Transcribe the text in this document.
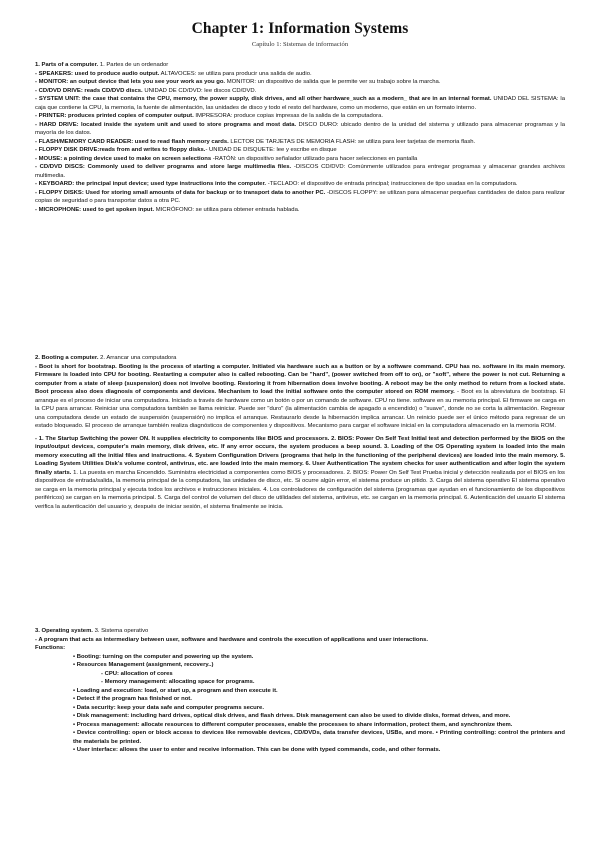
Chapter 1: Information Systems
Capítulo 1: Sistemas de información

1. Parts of a computer. 1. Partes de un ordenador

- SPEAKERS: used to produce audio output. ALTAVOCES: se utiliza para producir una salida de audio.

- MONITOR: an output device that lets you see your work as you go. MONITOR: un dispositivo de salida que le permite ver su trabajo sobre la marcha.

- CD/DVD DRIVE: reads CD/DVD discs. UNIDAD DE CD/DVD: lee discos CD/DVD.

- SYSTEM UNIT: the case that contains the CPU, memory, the power supply, disk drives, and all other hardware_such as a modern_ that are in an internal format. UNIDAD DEL SISTEMA: la caja que contiene la CPU, la memoria, la fuente de alimentación, las unidades de disco y todo el resto del hardware, como un moderno, que están en un formato interno.

- PRINTER: produces printed copies of computer output. IMPRESORA: produce copias impresas de la salida de la computadora.

- HARD DRIVE: located inside the system unit and used to store programs and most data. DISCO DURO: ubicado dentro de la unidad del sistema y utilizado para almacenar programas y la mayoría de los datos.

- FLASH/MEMORY CARD READER: used to read flash memory cards. LECTOR DE TARJETAS DE MEMORIA FLASH: se utiliza para leer tarjetas de memoria flash.

- FLOPPY DISK DRIVE:reads from and writes to floppy disks.- UNIDAD DE DISQUETE: lee y escribe en disque

- MOUSE: a pointing device used to make on screen selections -RATÓN: un dispositivo señalador utilizado para hacer selecciones en pantalla

- CD/DVD DISCS: Commonly used to deliver programs and store large multimedia files. -DISCOS CD/DVD: Comúnmente utilizados para entregar programas y almacenar grandes archivos multimedia.

- KEYBOARD: the principal input device; used type instructions into the computer. -TECLADO: el dispositivo de entrada principal; instrucciones de tipo usadas en la computadora.

- FLOPPY DISKS: Used for storing small amounts of data for backup or to transport data to another PC. -DISCOS FLOPPY: se utilizan para almacenar pequeñas cantidades de datos para realizar copias de seguridad o para transportar datos a otra PC.

- MICROPHONE: used to get spoken input. MICRÓFONO: se utiliza para obtener entrada hablada.

2. Booting a computer. 2. Arrancar una computadora

- Boot is short for bootstrap. Booting is the process of starting a computer. Initiated via hardware such as a button or by a software command. CPU has no. software in its main memory. Firmware is loaded into CPU for booting. Restarting a computer also is called rebooting. Can be "hard", (power switched from off to on), or "soft", where the power is not cut. Returning a computer from a state of sleep (suspension) does not involve booting. Restoring it from hibernation does involve booting. A reboot may be the only method to return from a locked state. Boot process also does diagnosis of components and devices. Mechanism to load the initial software onto the computer stored on ROM memory. - Boot es la abreviatura de bootstrap. El arranque es el proceso de iniciar una computadora. Iniciado a través de hardware como un botón o por un comando de software. CPU no tiene. software en su memoria principal. El firmware se carga en la CPU para arrancar. Reiniciar una computadora también se llama reiniciar. Puede ser "duro" (la alimentación cambia de apagado a encendido) o "suave", donde no se corta la alimentación. Regresar una computadora desde un estado de suspensión (suspensión) no implica el arranque. Restaurarlo desde la hibernación implica arrancar. Un reinicio puede ser el único método para regresar de un estado bloqueado. El proceso de arranque también realiza diagnósticos de componentes y dispositivos. Mecanismo para cargar el software inicial en la computadora almacenado en la memoria ROM.

- 1. The Startup Switching the power ON. It supplies electricity to components like BIOS and processors. 2. BIOS: Power On Self Test Initial test and detection performed by the BIOS on the input/output devices, computer's main memory, disk drives, etc. If any error occurs, the system produces a beep sound. 3. Loading of the OS Operating system is loaded into the main memory executing all the initial files and instructions. 4. System Configuration Drivers (programs that help in the functioning of the peripheral devices) are loaded into the main memory. 5. Loading System Utilities Disk's volume control, antivirus, etc. are loaded into the main memory. 6. User Authentication The system checks for user authentication and after login the system finally starts. 1. La puesta en marcha Encendido. Suministra electricidad a componentes como BIOS y procesadores. 2. BIOS: Power On Self Test Prueba inicial y detección realizada por el BIOS en los dispositivos de entrada/salida, la memoria principal de la computadora, las unidades de disco, etc. Si ocurre algún error, el sistema produce un pitido. 3. Carga del sistema operativo El sistema operativo se carga en la memoria principal y ejecuta todos los archivos e instrucciones iniciales. 4. Los controladores de configuración del sistema (programas que ayudan en el funcionamiento de los dispositivos periféricos) se cargan en la memoria principal. 5. Carga del control de volumen del disco de utilidades del sistema, antivirus, etc. se cargan en la memoria principal. 6. Autenticación del usuario El sistema verifica la autenticación del usuario y, después de iniciar sesión, el sistema finalmente se inicia.

3. Operating system. 3. Sistema operativo

- A program that acts as intermediary between user, software and hardware and controls the execution of applications and user interactions.

Functions:

• Booting: turning on the computer and powering up the system.

• Resources Management (assignment, recovery..)

- CPU: allocation of cores

- Memory management: allocating space for programs.

• Loading and execution: load, or start up, a program and then execute it.

• Detect if the program has finished or not.

• Data security: keep your data safe and computer programs secure.

• Disk management: including hard drives, optical disk drives, and flash drives. Disk management can also be used to divide disks, format drives, and more.

• Process management: allocate resources to different computer processes, enable the processes to share information, protect them, and synchronize them.

• Device controlling: open or block access to devices like removable devices, CD/DVDs, data transfer devices, USBs, and more. • Printing controlling: control the printers and the materials be printed.

• User interface: allows the user to enter and receive information. This can be done with typed commands, code, and other formats.
